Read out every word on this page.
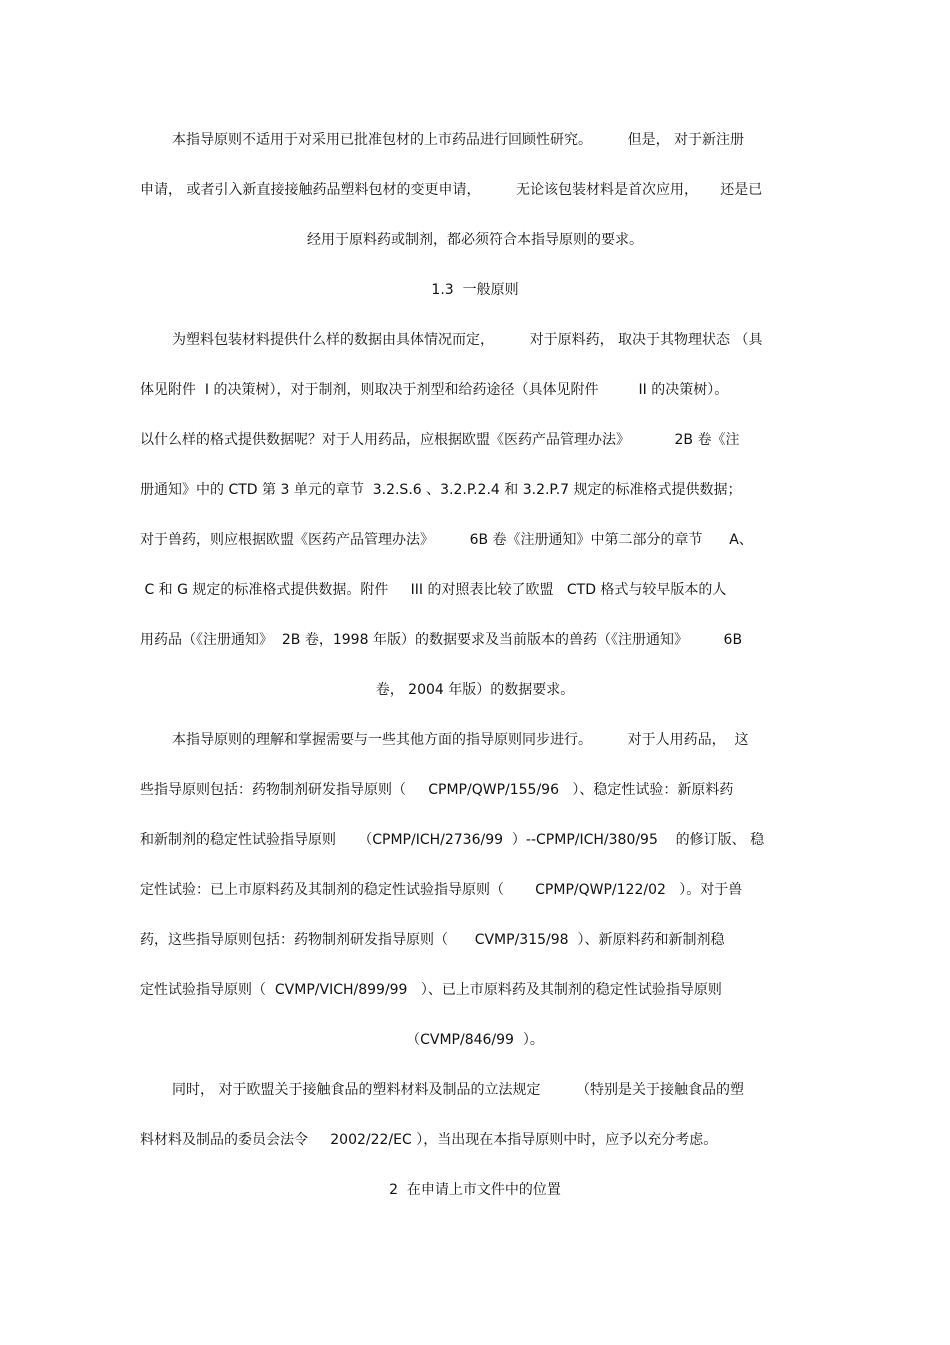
本指导原则不适用于对采用已批准包材的上市药品进行回顾性研究。        但是， 对于新注册
申请， 或者引入新直接接触药品塑料包材的变更申请，        无论该包装材料是首次应用，     还是已
经用于原料药或制剂，都必须符合本指导原则的要求。
1.3  一般原则
为塑料包装材料提供什么样的数据由具体情况而定，        对于原料药， 取决于其物理状态 （具
体见附件  I 的决策树），对于制剂，则取决于剂型和给药途径（具体见附件         II 的决策树）。
以什么样的格式提供数据呢？对于人用药品，应根据欧盟《医药产品管理办法》          2B 卷《注
册通知》中的 CTD 第 3 单元的章节  3.2.S.6 、3.2.P.2.4 和 3.2.P.7 规定的标准格式提供数据；
对于兽药，则应根据欧盟《医药产品管理办法》        6B 卷《注册通知》中第二部分的章节      A、
C 和 G 规定的标准格式提供数据。附件     III 的对照表比较了欧盟   CTD 格式与较早版本的人
用药品（《注册通知》  2B 卷，1998 年版）的数据要求及当前版本的兽药（《注册通知》        6B
卷， 2004 年版）的数据要求。
本指导原则的理解和掌握需要与一些其他方面的指导原则同步进行。        对于人用药品，  这
些指导原则包括：药物制剂研发指导原则（     CPMP/QWP/155/96   ）、稳定性试验：新原料药
和新制剂的稳定性试验指导原则     （CPMP/ICH/2736/99  ）--CPMP/ICH/380/95    的修订版、 稳
定性试验：已上市原料药及其制剂的稳定性试验指导原则（       CPMP/QWP/122/02   ）。对于兽
药，这些指导原则包括：药物制剂研发指导原则（      CVMP/315/98  ）、新原料药和新制剂稳
定性试验指导原则（  CVMP/VICH/899/99   ）、已上市原料药及其制剂的稳定性试验指导原则
（CVMP/846/99  ）。
同时， 对于欧盟关于接触食品的塑料材料及制品的立法规定        （特别是关于接触食品的塑
料材料及制品的委员会法令     2002/22/EC ），当出现在本指导原则中时，应予以充分考虑。
2  在申请上市文件中的位置
